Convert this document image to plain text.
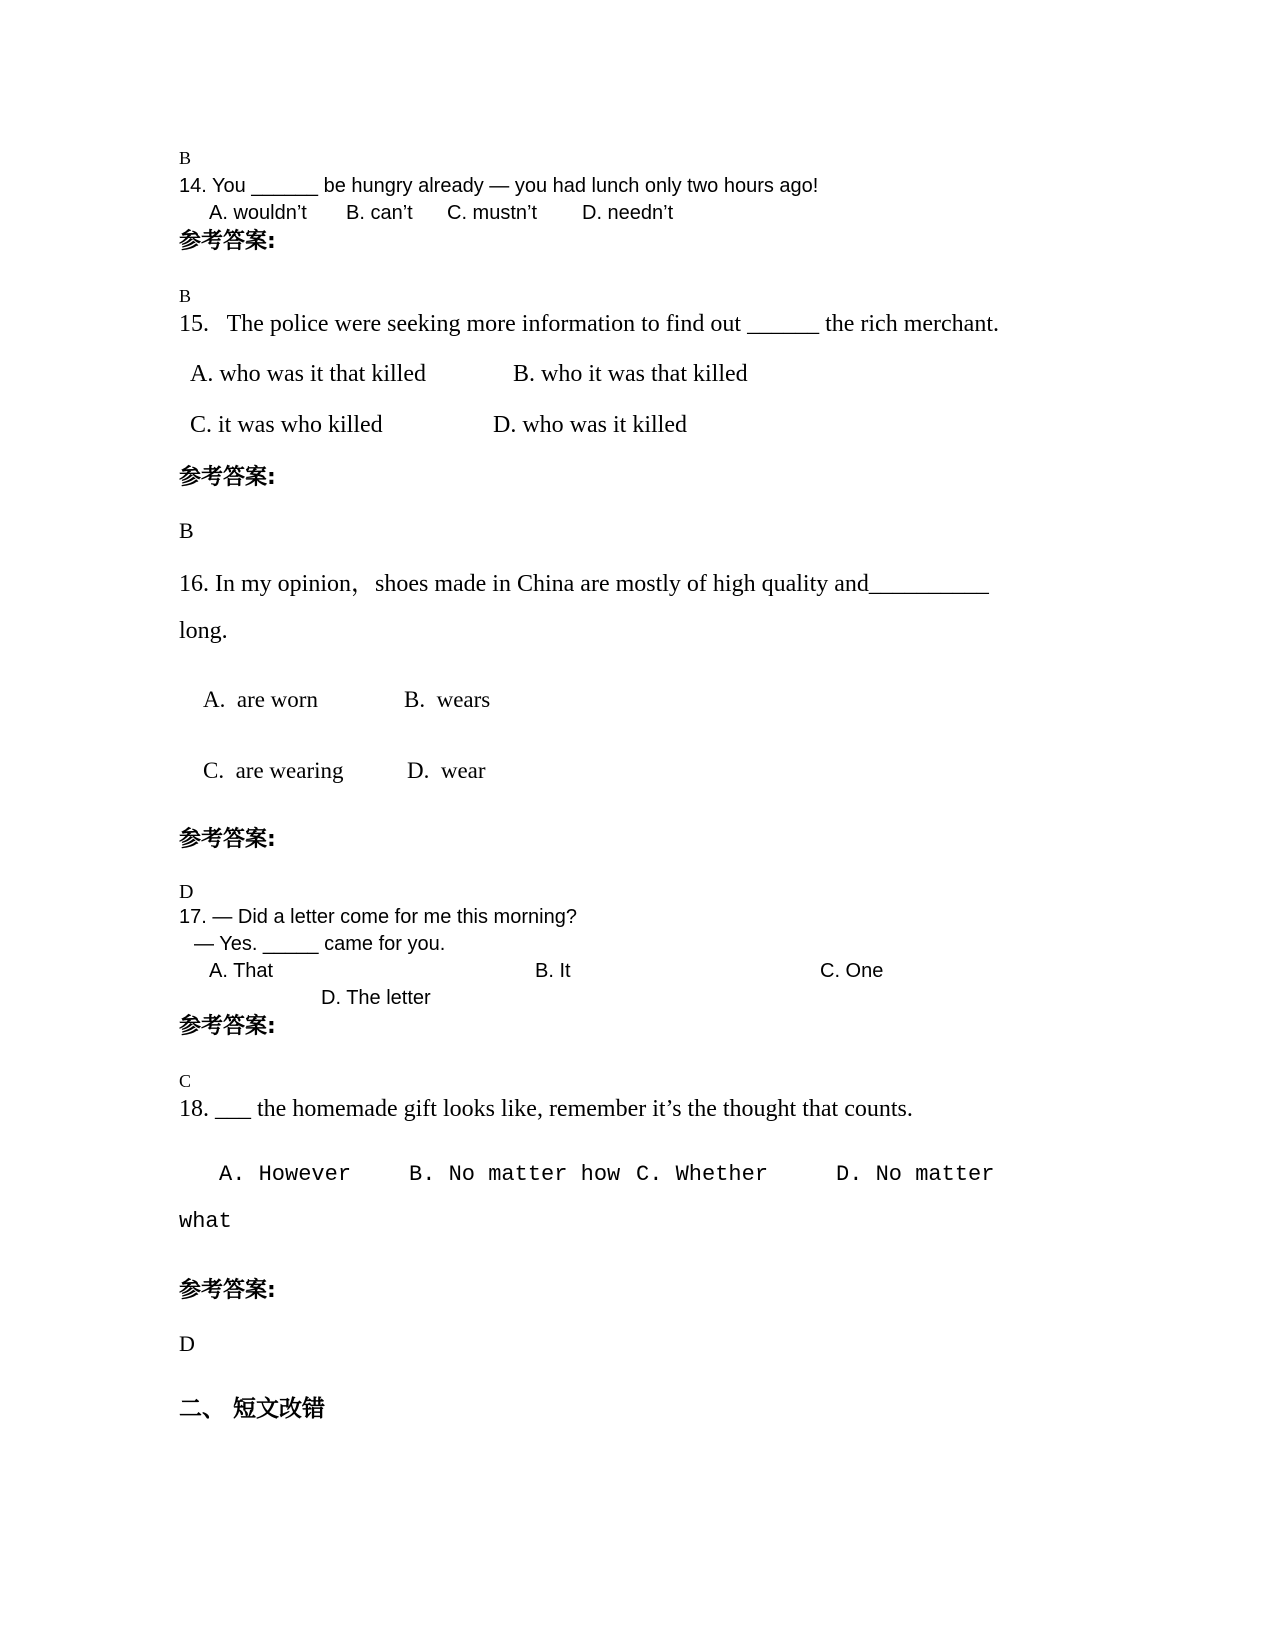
B
14. You ______ be hungry already — you had lunch only two hours ago!
A. wouldn’t B. can’t C. mustn’t D. needn’t
参考答案:
B
15.   The police were seeking more information to find out ______ the rich merchant.
A. who was it that killed	B. who it was that killed
C. it was who killed	D. who was it killed
参考答案:
B
16. In my opinion，shoes made in China are mostly of high quality and__________
long.
A.  are worn	B.  wears
C.  are wearing	D.  wear
参考答案:
D
17. — Did a letter come for me this morning?
— Yes. _____ came for you.
A. That	B. It	C. One
D. The letter
参考答案:
C
18. ___ the homemade gift looks like, remember it’s the thought that counts.
A. However	B. No matter how C. Whether	D. No matter
what
参考答案:
D
二、 短文改错
